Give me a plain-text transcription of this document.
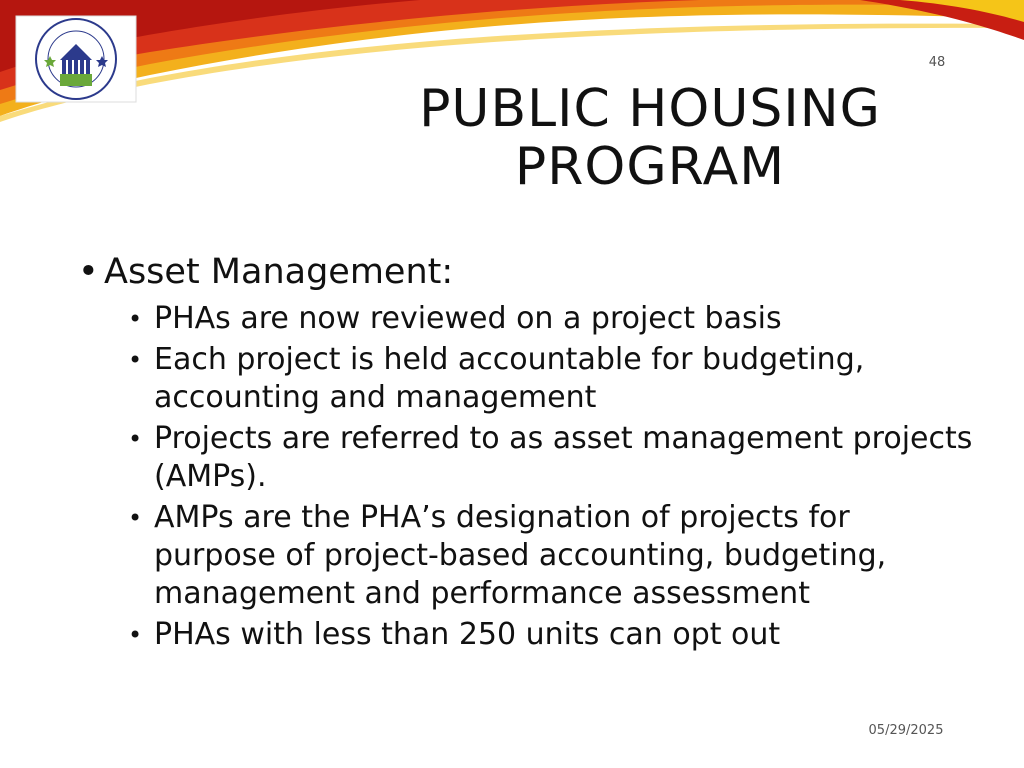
48
PUBLIC HOUSING
PROGRAM
• Asset Management:
• PHAs are now reviewed on a project basis
• Each project is held accountable for budgeting, accounting and management
• Projects are referred to as asset management projects (AMPs).
• AMPs are the PHA’s designation of projects for purpose of project-based accounting, budgeting, management and performance assessment
• PHAs with less than 250 units can opt out
05/29/2025
